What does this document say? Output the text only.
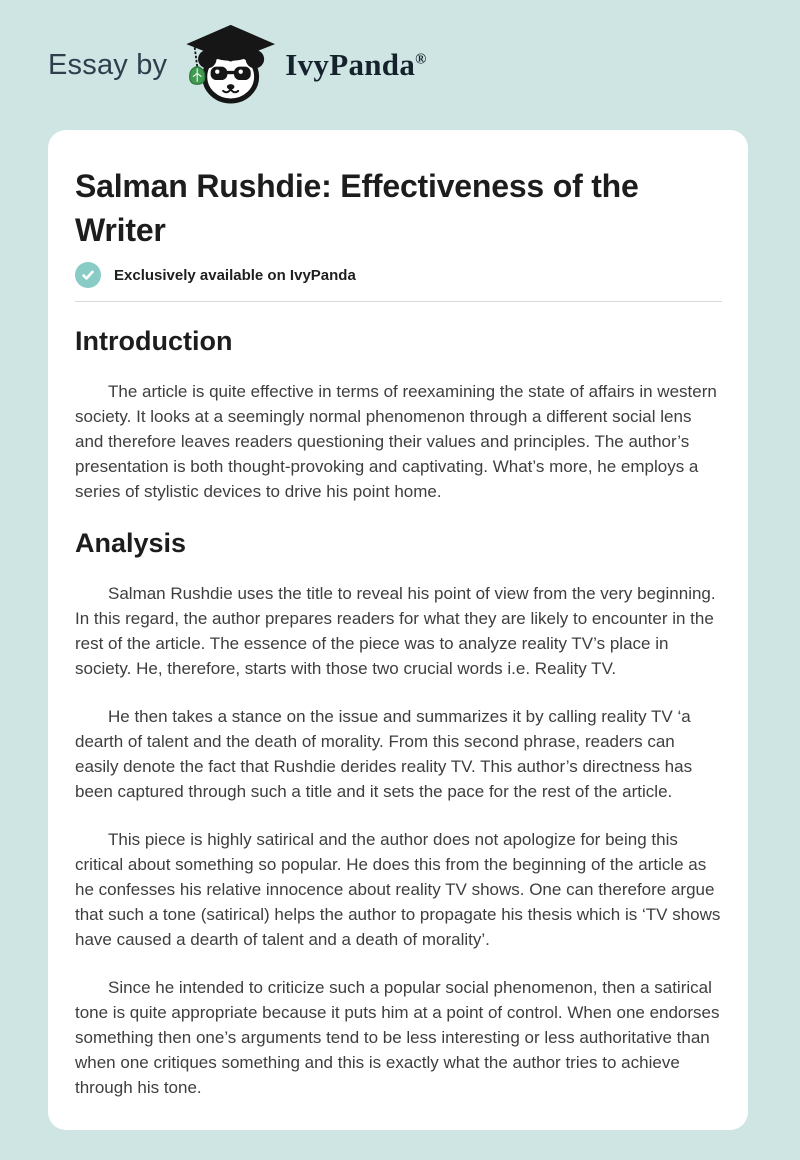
Essay by	IvyPanda®
Salman Rushdie: Effectiveness of the Writer
Exclusively available on IvyPanda
Introduction

The article is quite effective in terms of reexamining the state of affairs in western society. It looks at a seemingly normal phenomenon through a different social lens and therefore leaves readers questioning their values and principles. The author’s presentation is both thought-provoking and captivating. What’s more, he employs a series of stylistic devices to drive his point home.

Analysis

Salman Rushdie uses the title to reveal his point of view from the very beginning. In this regard, the author prepares readers for what they are likely to encounter in the rest of the article. The essence of the piece was to analyze reality TV’s place in society. He, therefore, starts with those two crucial words i.e. Reality TV.

He then takes a stance on the issue and summarizes it by calling reality TV ‘a dearth of talent and the death of morality. From this second phrase, readers can easily denote the fact that Rushdie derides reality TV. This author’s directness has been captured through such a title and it sets the pace for the rest of the article.

This piece is highly satirical and the author does not apologize for being this critical about something so popular. He does this from the beginning of the article as he confesses his relative innocence about reality TV shows. One can therefore argue that such a tone (satirical) helps the author to propagate his thesis which is ‘TV shows have caused a dearth of talent and a death of morality’.

Since he intended to criticize such a popular social phenomenon, then a satirical tone is quite appropriate because it puts him at a point of control. When one endorses something then one’s arguments tend to be less interesting or less authoritative than when one critiques something and this is exactly what the author tries to achieve through his tone.
